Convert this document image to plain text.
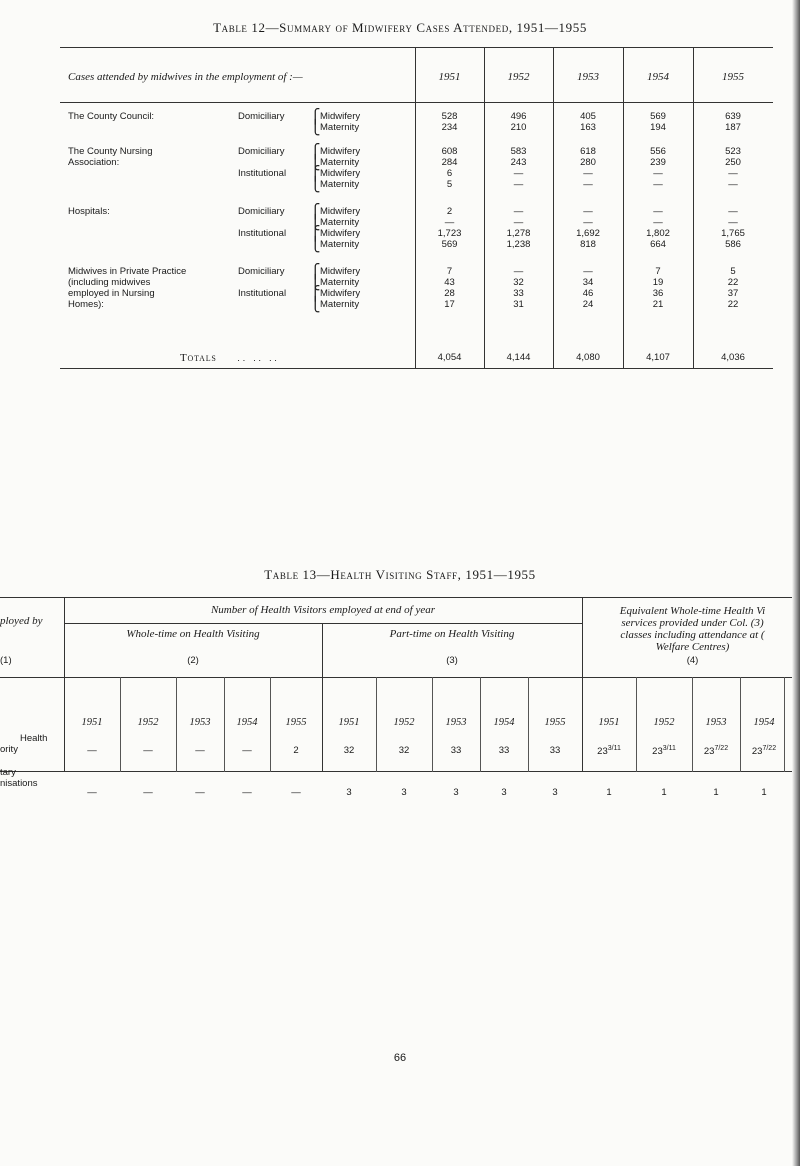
Table 12—Summary of Midwifery Cases Attended, 1951—1955
Cases attended by midwives in the employment of :—	1951	1952	1953	1954	1955
The County Council:	Domiciliary ⎧ Midwifery	528	496	405	569	639
⎩ Maternity	234	210	163	194	187
The County Nursing
Association:
Domiciliary ⎧ Midwifery	608	583	618	556	523
⎩ Maternity	284	243	280	239	250
Institutional ⎧ Midwifery	6	—	—	—	—
⎩ Maternity	5	—	—	—	—
Hospitals:	Domiciliary ⎧ Midwifery	2	—	—	—	—
⎩ Maternity	—	—	—	—	—
Institutional ⎧ Midwifery	1,723	1,278	1,692	1,802	1,765
⎩ Maternity	569	1,238	818	664	586
Midwives in Private Practice
(including midwives
employed in Nursing
Homes):
Domiciliary ⎧ Midwifery	7	—	—	7	5
⎩ Maternity	43	32	34	19	22
Institutional ⎧ Midwifery	28	33	46	36	37
⎩ Maternity	17	31	24	21	22
Totals . .   . .   . .	4,054	4,144	4,080	4,107	4,036
Table 13—Health Visiting Staff, 1951—1955
ployed by
(1)
Number of Health Visitors employed at end of year
Whole-time on Health Visiting
(2)
Part-time on Health Visiting
(3)
Equivalent Whole-time Health Vi
services provided under Col. (3)
classes including attendance at (
Welfare Centres)
(4)
1951	1952	1953	1954	1955	1951	1952	1953	1954	1955	1951	1952	1953	1954
Health
ority	—	—	—	—	2	32	32	33	33	33	$23^{3/11}$	$23^{3/11}$	$23^{7/22}$	$23^{7/22}$
tary
nisations
—	—	—	—	—	3	3	3	3	3	1	1	1	1
66
